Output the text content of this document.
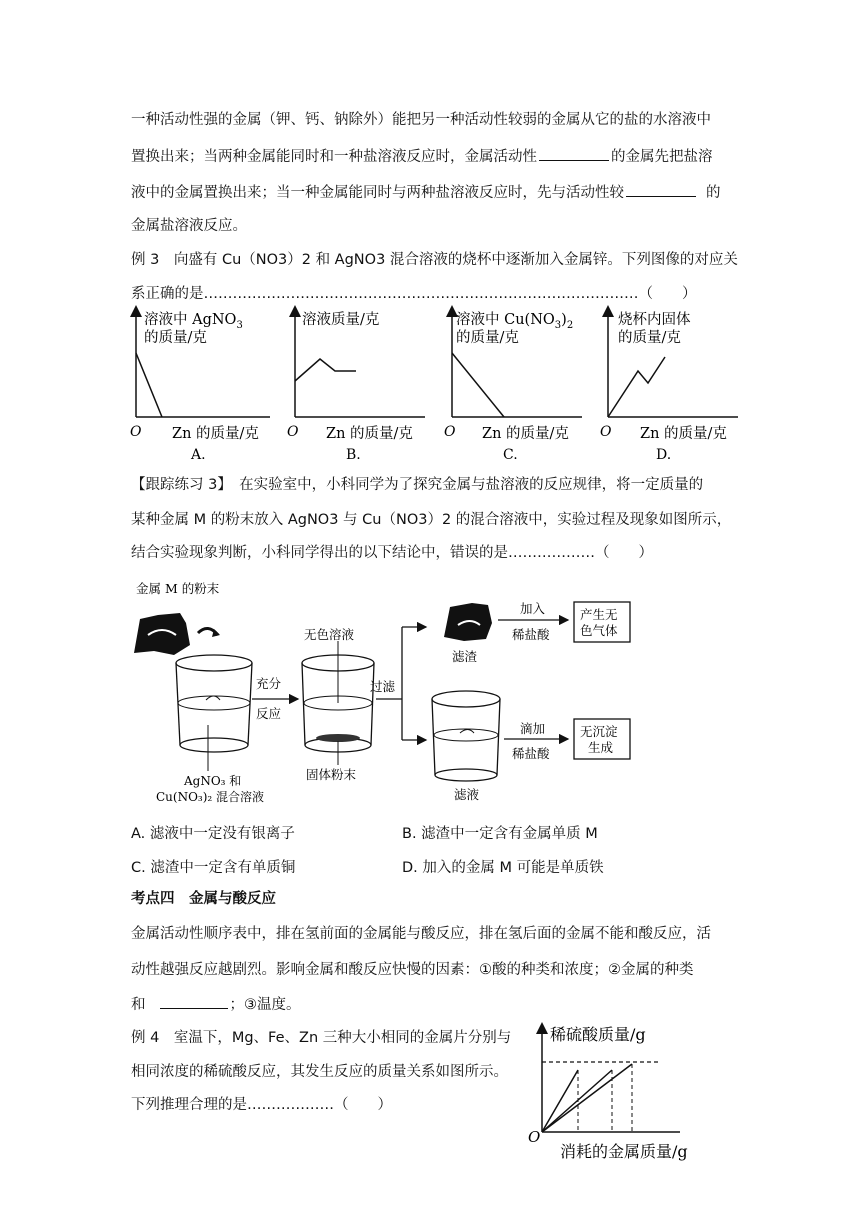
一种活动性强的金属（钾、钙、钠除外）能把另一种活动性较弱的金属从它的盐的水溶液中
置换出来；当两种金属能同时和一种盐溶液反应时，金属活动性	的金属先把盐溶
液中的金属置换出来；当一种金属能同时与两种盐溶液反应时，先与活动性较	的
金属盐溶液反应。
例 3　向盛有 Cu（NO3）2 和 AgNO3 混合溶液的烧杯中逐渐加入金属锌。下列图像的对应关
系正确的是………………………………………………………………………………（　　）
溶液中 AgNO$_3$
的质量/克
O Zn 的质量/克
A.
溶液质量/克
O Zn 的质量/克
B.
溶液中 $Cu(NO_3)_2$
的质量/克
O Zn 的质量/克
C.
烧杯内固体
的质量/克
O Zn 的质量/克
D.
【跟踪练习 3】　在实验室中，小科同学为了探究金属与盐溶液的反应规律，将一定质量的
某种金属 M 的粉末放入 AgNO3 与 Cu（NO3）2 的混合溶液中，实验过程及现象如图所示，
结合实验现象判断，小科同学得出的以下结论中，错误的是………………（　　）
金属 M 的粉末
AgNO₃ 和
Cu(NO₃)₂ 混合溶液
充分
反应
无色溶液
固体粉末
过滤
滤渣
加入
稀盐酸
产生无
色气体
滤液
滴加
稀盐酸
无沉淀
生成
A. 滤液中一定没有银离子	B. 滤渣中一定含有金属单质 M
C. 滤渣中一定含有单质铜	D. 加入的金属 M 可能是单质铁
考点四　金属与酸反应
金属活动性顺序表中，排在氢前面的金属能与酸反应，排在氢后面的金属不能和酸反应，活
动性越强反应越剧烈。影响金属和酸反应快慢的因素：①酸的种类和浓度；②金属的种类
和	；③温度。
例 4　室温下，Mg、Fe、Zn 三种大小相同的金属片分别与
相同浓度的稀硫酸反应，其发生反应的质量关系如图所示。
下列推理合理的是………………（　　）
稀硫酸质量/g
O
消耗的金属质量/g
